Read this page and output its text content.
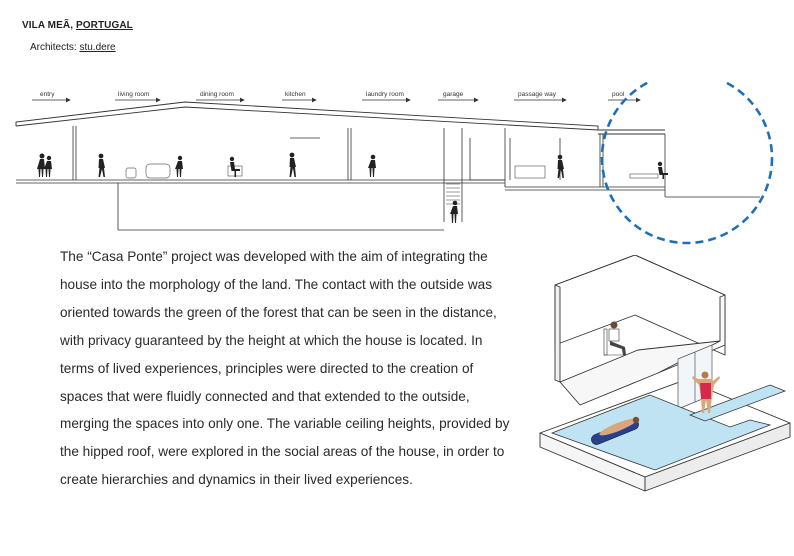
VILA MEÃ, PORTUGAL
Architects: stu.dere
entry	living room	dining room	kitchen	laundry room	garage	passage way	pool

The “Casa Ponte” project was developed with the aim of integrating the house into the morphology of the land. The contact with the outside was oriented towards the green of the forest that can be seen in the distance, with privacy guaranteed by the height at which the house is located. In terms of lived experiences, principles were directed to the creation of spaces that were fluidly connected and that extended to the outside, merging the spaces into only one. The variable ceiling heights, provided by the hipped roof, were explored in the social areas of the house, in order to create hierarchies and dynamics in their lived experiences.
